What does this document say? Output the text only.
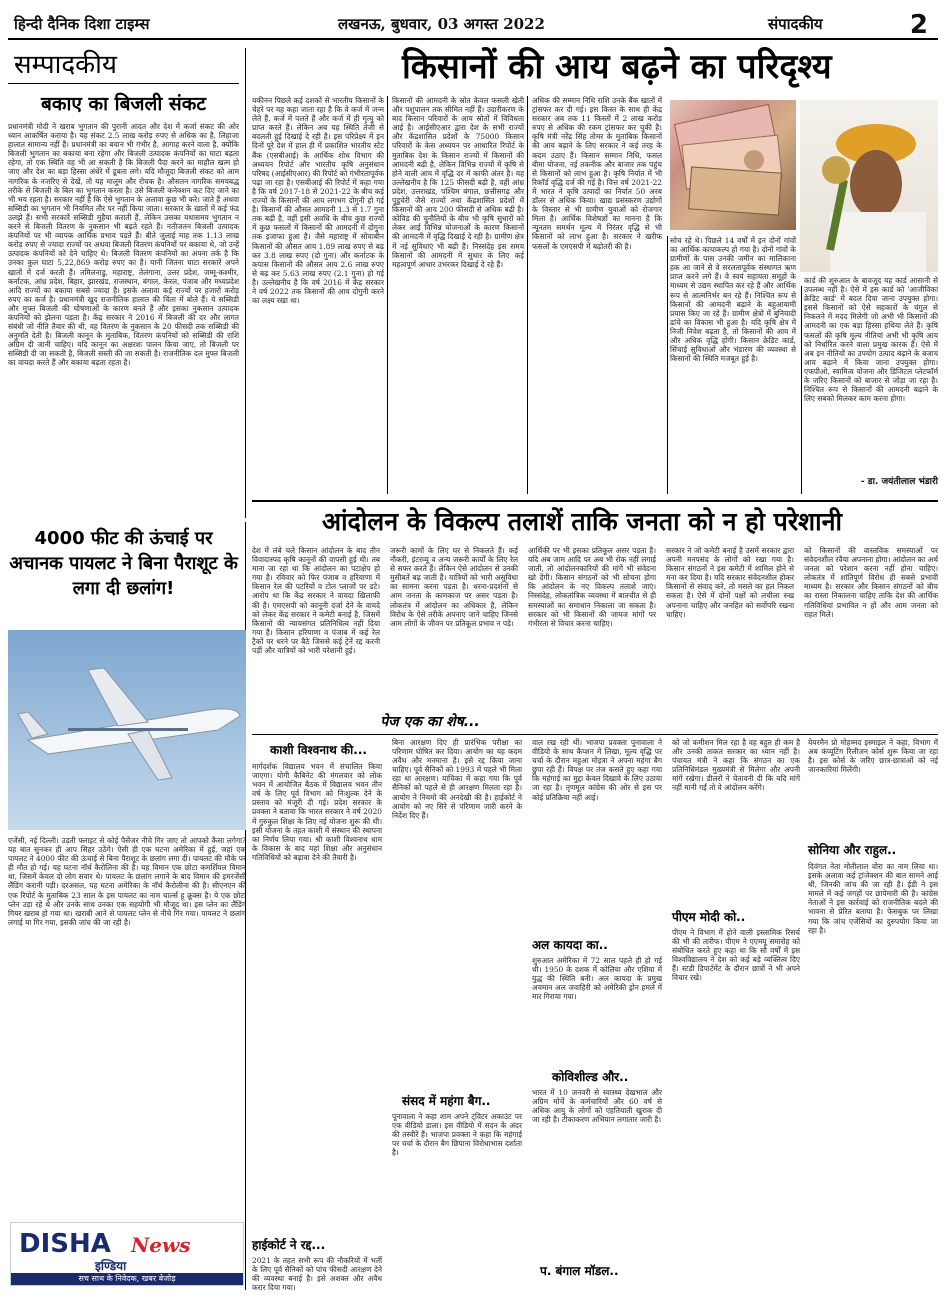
हिन्दी दैनिक दिशा टाइम्स	लखनऊ, बुधवार, 03 अगस्त 2022	संपादकीय	2
सम्पादकीय
बकाए का बिजली संकट
प्रधानमंत्री मोदी ने खराब भुगतान की पुरानी आदत और देश में कर्जा संकट की ओर ध्यान आकर्षित कराया है। यह संकट 2.5 लाख करोड़ रुपए से अधिक का है, लिहाजा हालात सामान्य नहीं हैं। प्रधानमंत्री का बयान भी गंभीर है, आगाह करने वाला है, क्योंकि बिजली भुगतान का बकाया बना रहेगा और बिजली उत्पादक कंपनियों का घाटा बढ़ता रहेगा, तो एक स्थिति वह भी आ सकती है कि बिजली पैदा करने का माहौल खत्म हो जाए और देश का बड़ा हिस्सा अंधेरे में डूबता लगे। यदि मौजूदा बिजली संकट को आम नागरिक के नजरिए से देखें, तो यह मालूम और रोचक है। औसतन नागरिक समयबद्ध तरीके से बिजली के बिल का भुगतान करता है। उसे बिजली कनेक्शन कट दिए जाने का भी भय रहता है। सरकार नहीं है कि ऐसे भुगतान के अलावा कुछ भी करे। जाते हैं अथवा सब्सिडी का भुगतान भी नियमित तौर पर नहीं किया जाता। सरकार के खातों में कई फंड उलझे हैं। सभी सरकारें सब्सिडी मुहैया कराती हैं, लेकिन उसका यथासमय भुगतान न करने से बिजली वितरण के नुकसान भी बढ़ते रहते हैं। नतीजतन बिजली उत्पादक कंपनियों पर भी व्यापक आर्थिक प्रभाव पड़ते हैं। बीते जुलाई माह तक 1.13 लाख करोड़ रुपए से ज्यादा राज्यों पर अथवा बिजली वितरण कंपनियों पर बकाया थे, जो उन्हें उत्पादक कंपनियों को देने चाहिए थे। बिजली वितरण कंपनियों का अपना तर्क है कि उनका कुल घाटा 5,22,869 करोड़ रुपए का है। यानी जितना घाटा सरकारें अपने खातों में दर्ज करती हैं। तमिलनाडु, महाराष्ट्र, तेलंगाना, उत्तर प्रदेश, जम्मू-कश्मीर, कर्नाटक, आंध्र प्रदेश, बिहार, झारखंड, राजस्थान, बंगाल, केरल, पंजाब और मध्यप्रदेश आदि राज्यों का बकाया सबसे ज्यादा है। इसके अलावा कई राज्यों पर हजारों करोड़ रुपए का कर्ज है। प्रधानमंत्री खुद राजनीतिक हालात की चिंता में बोले हैं। ये सब्सिडी और मुफ्त बिजली की घोषणाओं के कारण बनते हैं और इसका नुकसान उत्पादक कंपनियों को झेलना पड़ता है। केंद्र सरकार ने 2016 में बिजली की दर और लागत संबंधी जो नीति तैयार की थी, वह वितरण के नुकसान के 20 फीसदी तक सब्सिडी की अनुमति देती है। बिजली कानून के मुताबिक, वितरण कंपनियों को सब्सिडी की राशि अग्रिम दी जानी चाहिए। यदि कानून का अक्षरशः पालन किया जाए, तो बिजली पर सब्सिडी दी जा सकती है, बिजली सस्ती की जा सकती है। राजनीतिक दल मुफ्त बिजली का वायदा करते हैं और बकाया बढ़ता रहता है।
किसानों की आय बढ़ने का परिदृश्य
यकीनन पिछले कई दशकों से भारतीय किसानों के चेहरे पर यह कहा जाता रहा है कि वे कर्ज में जन्म लेते हैं, कर्ज में पलते हैं और कर्ज में ही मृत्यु को प्राप्त करते हैं। लेकिन अब यह स्थिति तेजी से बदलती हुई दिखाई दे रही है। इस परिप्रेक्ष्य में इन दिनों पूरे देश में हाल ही में प्रकाशित भारतीय स्टेट बैंक (एसबीआई) के आर्थिक शोध विभाग की अध्ययन रिपोर्ट और भारतीय कृषि अनुसंधान परिषद (आईसीएआर) की रिपोर्ट को गंभीरतापूर्वक पढ़ा जा रहा है। एसबीआई की रिपोर्ट में कहा गया है कि वर्ष 2017-18 से 2021-22 के बीच कई राज्यों के किसानों की आय लगभग दोगुनी हो गई है। किसानों की औसत आमदनी 1.3 से 1.7 गुना तक बढ़ी है, वहीं इसी अवधि के बीच कुछ राज्यों में कुछ फसलों में किसानों की आमदनी में दोगुना तक इजाफा हुआ है। जैसे महाराष्ट्र में सोयाबीन किसानों की औसत आय 1.89 लाख रुपए से बढ़ कर 3.8 लाख रुपए (दो गुना) और कर्नाटक के कपास किसानों की औसत आय 2.6 लाख रुपए से बढ़ कर 5.63 लाख रुपए (2.1 गुना) हो गई है। उल्लेखनीय है कि वर्ष 2016 में केंद्र सरकार ने वर्ष 2022 तक किसानों की आय दोगुनी करने का लक्ष्य रखा था।
किसानों की आमदनी के स्रोत केवल फसली खेती और पशुपालन तक सीमित नहीं हैं। उदारीकरण के बाद किसान परिवारों के आय स्रोतों में विविधता आई है। आईसीएआर द्वारा देश के सभी राज्यों और केंद्रशासित प्रदेशों के 75000 किसान परिवारों के केस अध्ययन पर आधारित रिपोर्ट के मुताबिक देश के किसान राज्यों में किसानों की आमदनी बढ़ी है, लेकिन विभिन्न राज्यों में कृषि से होने वाली आय में वृद्धि दर में काफी अंतर है। यह उल्लेखनीय है कि 125 फीसदी बढ़ी है, वहीं आंध्र प्रदेश, उत्तराखंड, पश्चिम बंगाल, छत्तीसगढ़ और पुडुचेरी जैसे राज्यों तथा केंद्रशासित प्रदेशों में किसानों की आय 200 फीसदी से अधिक बढ़ी है। कोविड की चुनौतियों के बीच भी कृषि सुधारों को लेकर आई विभिन्न योजनाओं के कारण किसानों की आमदनी में वृद्धि दिखाई दे रही है। ग्रामीण क्षेत्र में नई सुविधाएं भी बढ़ी हैं। निस्संदेह इस समय किसानों की आमदनी में सुधार के लिए कई महत्वपूर्ण आधार उभरकर दिखाई दे रहे हैं।
अधिक की सम्मान निधि राशि उनके बैंक खातों में ट्रांसफर कर दी गई। इस किस्त के साथ ही केंद्र सरकार अब तक 11 किस्तों में 2 लाख करोड़ रुपए से अधिक की रकम ट्रांसफर कर चुकी है। कृषि मंत्री नरेंद्र सिंह तोमर के मुताबिक किसानों की आय बढ़ाने के लिए सरकार ने कई तरह के कदम उठाए हैं। किसान सम्मान निधि, फसल बीमा योजना, नई तकनीक और बाजार तक पहुंच से किसानों को लाभ हुआ है। कृषि निर्यात में भी रिकॉर्ड वृद्धि दर्ज की गई है। वित्त वर्ष 2021-22 में भारत ने कृषि उत्पादों का निर्यात 50 अरब डॉलर से अधिक किया। खाद्य प्रसंस्करण उद्योगों के विस्तार से भी ग्रामीण युवाओं को रोजगार मिला है। आर्थिक विशेषज्ञों का मानना है कि न्यूनतम समर्थन मूल्य में निरंतर वृद्धि से भी किसानों को लाभ हुआ है। सरकार ने खरीफ फसलों के एमएसपी में बढ़ोतरी की है।
सोच रहे थे। पिछले 14 वर्षों में इन दोनों गांवों का आर्थिक कायाकल्प हो गया है। दोनों गांवों के ग्रामीणों के पास उनकी जमीन का मालिकाना हक आ जाने से वे सरलतापूर्वक संस्थागत ऋण प्राप्त करने लगे हैं। वे स्वयं सहायता समूहों के माध्यम से उद्यम स्थापित कर रहे हैं और आर्थिक रूप से आत्मनिर्भर बन रहे हैं। निश्चित रूप से किसानों की आमदनी बढ़ाने के बहुआयामी प्रयास किए जा रहे हैं। ग्रामीण क्षेत्रों में बुनियादी ढांचे का विकास भी हुआ है। यदि कृषि क्षेत्र में निजी निवेश बढ़ता है, तो किसानों की आय में और अधिक वृद्धि होगी। किसान क्रेडिट कार्ड, सिंचाई सुविधाओं और भंडारण की व्यवस्था से किसानों की स्थिति मजबूत हुई है।
कार्ड की शुरुआत के बावजूद यह कार्ड आसानी से उपलब्ध नहीं है। ऐसे में इस कार्ड को 'आजीविका क्रेडिट कार्ड' में बदल दिया जाना उपयुक्त होगा। इससे किसानों को ऐसे सहकारों के चंगुल से निकलने में मदद मिलेगी जो अभी भी किसानों की आमदनी का एक बड़ा हिस्सा हथिया लेते हैं। कृषि फसलों की कृषि मूल्य नीतियां अभी भी कृषि आय को निर्धारित करने वाला प्रमुख कारक हैं। ऐसे में अब इन नीतियों का उपयोग उत्पाद बढ़ाने के बजाय आय बढ़ाने में किया जाना उपयुक्त होगा। एफपीओ, स्वामित्व योजना और डिजिटल प्लेटफॉर्म के जरिए किसानों को बाजार से जोड़ा जा रहा है। निश्चित रूप से किसानों की आमदनी बढ़ाने के लिए सबको मिलकर काम करना होगा।
- डा. जयंतीलाल भंडारी
आंदोलन के विकल्प तलाशें ताकि जनता को न हो परेशानी
देश में लंबे चले किसान आंदोलन के बाद तीन विवादास्पद कृषि कानूनों की वापसी हुई थी। तब माना जा रहा था कि आंदोलन का पटाक्षेप हो गया है। रविवार को फिर पंजाब व हरियाणा में किसान रेल की पटरियों व टोल प्लाजों पर डटे। आरोप था कि केंद्र सरकार ने वायदा खिलाफी की है। एमएसपी को कानूनी दर्जा देने के वायदे को लेकर केंद्र सरकार ने कमेटी बनाई है, जिसमें किसानों की न्यायसंगत प्रतिनिधित्व नहीं दिया गया है। किसान हरियाणा व पंजाब में कई रेल ट्रैकों पर धरने पर बैठे जिससे कई ट्रेनें रद्द करनी पड़ीं और यात्रियों को भारी परेशानी हुई।
जरूरी कामों के लिए घर से निकलते हैं। कई नौकरी, इंटरव्यू व अन्य जरूरी कार्यों के लिए रेल से सफर करते हैं। लेकिन ऐसे आंदोलन से उनकी मुसीबतें बढ़ जाती हैं। यात्रियों को भारी असुविधा का सामना करना पड़ता है। धरना-प्रदर्शनों से आम जनता के कामकाज पर असर पड़ता है। लोकतंत्र में आंदोलन का अधिकार है, लेकिन विरोध के ऐसे तरीके अपनाए जाने चाहिए जिनसे आम लोगों के जीवन पर प्रतिकूल प्रभाव न पड़े।
आर्थिकी पर भी इसका प्रतिकूल असर पड़ता है। यदि अब जाम आदि पर अब भी रोक नहीं लगाई जाती, तो आंदोलनकारियों की मांगें भी संवेदना खो देंगी। किसान संगठनों को भी सोचना होगा कि आंदोलन के नए विकल्प तलाशे जाएं। निस्संदेह, लोकतांत्रिक व्यवस्था में बातचीत से ही समस्याओं का समाधान निकाला जा सकता है। सरकार को भी किसानों की जायज मांगों पर गंभीरता से विचार करना चाहिए।
सरकार ने जो कमेटी बनाई है उसमें सरकार द्वारा अपनी मनपसंद के लोगों को रखा गया है। किसान संगठनों ने इस कमेटी में शामिल होने से मना कर दिया है। यदि सरकार संवेदनशील होकर किसानों से संवाद करे, तो मसले का हल निकल सकता है। ऐसे में दोनों पक्षों को लचीला रुख अपनाना चाहिए और जनहित को सर्वोपरि रखना चाहिए।
को किसानों की वास्तविक समस्याओं पर संवेदनशील रवैया अपनाना होगा। आंदोलन का अर्थ जनता को परेशान करना नहीं होना चाहिए। लोकतंत्र में शांतिपूर्ण विरोध ही सबसे प्रभावी माध्यम है। सरकार और किसान संगठनों को बीच का रास्ता निकालना चाहिए ताकि देश की आर्थिक गतिविधियां प्रभावित न हों और आम जनता को राहत मिले।
4000 फीट की ऊंचाई पर अचानक पायलट ने बिना पैराशूट के लगा दी छलांग!
एजेंसी, नई दिल्ली। उड़ती फ्लाइट से कोई पैसेंजर नीचे गिर जाए तो आपको कैसा लगेगा? यह बात सुनकर ही आप सिहर उठेंगे। ऐसी ही एक घटना अमेरिका में हुई, जहां एक पायलट ने 4000 फीट की ऊंचाई से बिना पैराशूट के छलांग लगा दी। पायलट की मौके पर ही मौत हो गई। यह घटना नॉर्थ कैरोलिना की है। यह विमान एक छोटा कमर्शियल विमान था, जिसमें केवल दो लोग सवार थे। पायलट के छलांग लगाने के बाद विमान की इमरजेंसी लैंडिंग करानी पड़ी। दरअसल, यह घटना अमेरिका के नॉर्थ कैरोलीना की है। सीएनएन की एक रिपोर्ट के मुताबिक 23 साल के इस पायलट का नाम चार्ल्स हू क्रूक्स है। ये एक छोटा प्लेन उड़ा रहे थे और उनके साथ उनका एक सहयोगी भी मौजूद था। इस प्लेन का लैंडिंग गियर खराब हो गया था। खराबी आने से पायलट प्लेन से नीचे गिर गया। पायलट ने छलांग लगाई या गिर गया, इसकी जांच की जा रही है।
DISHA News
इण्डिया
सच साथ के निवेदक, खबर बेजोड़
पेज एक का शेष...
काशी विश्वनाथ की...
मार्गदर्शक विद्यालय भवन में संचालित किया जाएगा। योगी कैबिनेट की मंगलवार को लोक भवन में आयोजित बैठक में विद्यालय भवन तीन वर्ष के लिए पूर्व विभाग को निःशुल्क देने के प्रस्ताव को मंजूरी दी गई। प्रदेश सरकार के प्रवक्ता ने बताया कि भारत सरकार ने वर्ष 2020 में गुरुकुल शिक्षा के लिए नई योजना शुरू की थी। इसी योजना के तहत काशी में संस्थान की स्थापना का निर्णय लिया गया। श्री काशी विश्वनाथ धाम के विकास के बाद यहां शिक्षा और अनुसंधान गतिविधियों को बढ़ावा देने की तैयारी है।
हाईकोर्ट ने रद्द...
2021 के तहत सभी रूप की नौकरियों में भर्ती के लिए पूर्व सैनिकों को पांच फीसदी आरक्षण देने की व्यवस्था बनाई है। इसे अशक्त और अवैध करार दिया गया।
बिना आरक्षण दिए ही प्रारंभिक परीक्षा का परिणाम घोषित कर दिया। आयोग का यह कदम अवैध और मनमाना है। इसे रद्द किया जाना चाहिए। पूर्व सैनिकों को 1993 में पहले भी मिला रहा था आरक्षण। याचिका में कहा गया कि पूर्व सैनिकों को पहले से ही आरक्षण मिलता रहा है। आयोग ने नियमों की अनदेखी की है। हाईकोर्ट ने आयोग को नए सिरे से परिणाम जारी करने के निर्देश दिए हैं।
संसद में महंगा बैग..
पूनावाला ने कहा शाम अपने ट्विटर अकाउंट पर एक वीडियो डाला। इस वीडियो में सदन के अंदर की तस्वीरें हैं। भाजपा प्रवक्ता ने कहा कि महंगाई पर चर्चा के दौरान बैग छिपाना विरोधाभास दर्शाता है।
वाल रख रही थीं। भाजपा प्रवक्ता पूनावाला ने वीडियो के साथ कैप्शन में लिखा, मूल्य वृद्धि पर चर्चा के दौरान महुआ मोइत्रा ने अपना महंगा बैग छुपा रही हैं। विपक्ष पर तंज कसते हुए कहा गया कि महंगाई का मुद्दा केवल दिखावे के लिए उठाया जा रहा है। तृणमूल कांग्रेस की ओर से इस पर कोई प्रतिक्रिया नहीं आई।
अल कायदा का..
शुरुआत अमेरिका में 72 साल पहले ही हो गई थी। 1950 के दशक में कोलिया और एशिया में युद्ध की स्थिति बनी। अल कायदा के प्रमुख अयमान अल जवाहिरी को अमेरिकी ड्रोन हमले में मार गिराया गया।
कोविशील्ड और..
भारत में 10 जनवरी से स्वास्थ्य देखभाल और अग्रिम मोर्चे के कर्मचारियों और 60 वर्ष से अधिक आयु के लोगों को एहतियाती खुराक दी जा रही है। टीकाकरण अभियान लगातार जारी है।
प. बंगाल मॉडल..
को जो कमीशन मिल रहा है वह बहुत ही कम है और उनकी ताकत सरकार का ध्यान नहीं है। पंचायत मंत्री ने कहा कि संगठन का एक प्रतिनिधिमंडल मुख्यमंत्री से मिलेगा और अपनी मांगें रखेगा। डीलरों ने चेतावनी दी कि यदि मांगें नहीं मानी गईं तो वे आंदोलन करेंगे।
पीएम मोदी को..
पीएम ने विभाग में होने वाली इस्लामिक रिसर्च की भी की तारीफ। पीएम ने एएमयू समारोह को संबोधित करते हुए कहा था कि सौ वर्षों में इस विश्वविद्यालय ने देश को कई बड़े व्यक्तित्व दिए हैं। स्टडी डिपार्टमेंट के दौरान छात्रों ने भी अपने विचार रखे।
येयरमैन प्रो मोहम्मद इस्माइल ने कहा, विभाग में अब कंप्यूटिंग रिलीजन कोर्स शुरू किया जा रहा है। इस कोर्स के जरिए छात्र-छात्राओं को नई जानकारियां मिलेंगी।
सोनिया और राहुल..
दिवंगत नेता मोतीलाल वोरा का नाम लिया था। इसके अलावा कई ट्रांजेक्शन की बात सामने आई थी, जिनकी जांच की जा रही है। ईडी ने इस मामले में कई जगहों पर छापेमारी की है। कांग्रेस नेताओं ने इस कार्रवाई को राजनीतिक बदले की भावना से प्रेरित बताया है। फेसबुक पर लिखा गया कि जांच एजेंसियों का दुरुपयोग किया जा रहा है।
